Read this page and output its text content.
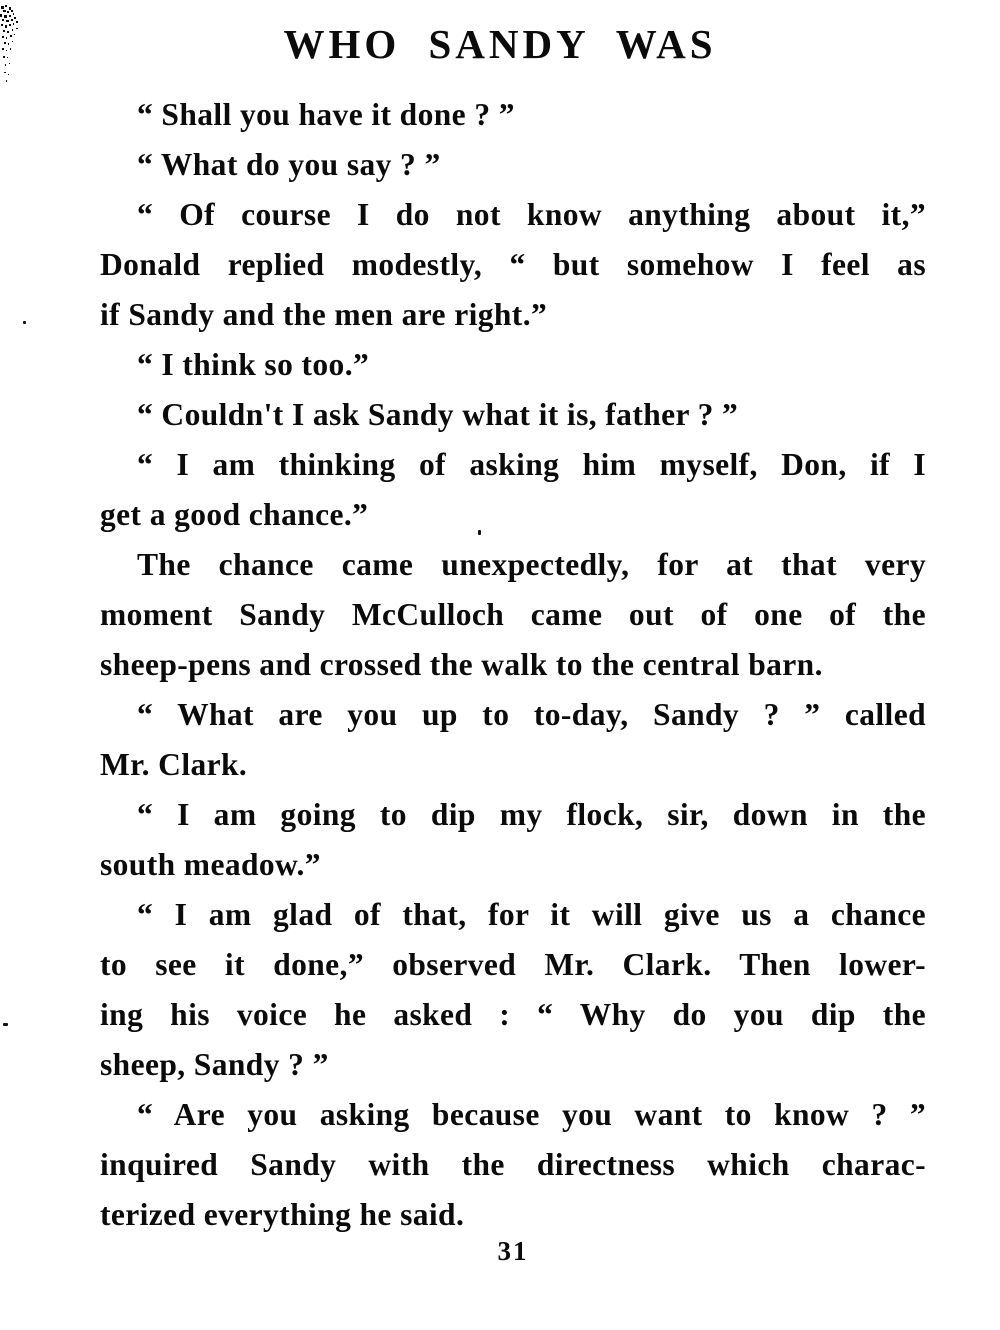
WHO SANDY WAS
“ Shall you have it done ? ”
“ What do you say ? ”
“ Of course I do not know anything about it,”
Donald replied modestly, “ but somehow I feel as
if Sandy and the men are right.”
“ I think so too.”
“ Couldn't I ask Sandy what it is, father ? ”
“ I am thinking of asking him myself, Don, if I
get a good chance.”
The chance came unexpectedly, for at that very
moment Sandy McCulloch came out of one of the
sheep-pens and crossed the walk to the central barn.
“ What are you up to to-day, Sandy ? ” called
Mr. Clark.
“ I am going to dip my flock, sir, down in the
south meadow.”
“ I am glad of that, for it will give us a chance
to see it done,” observed Mr. Clark. Then lower-
ing his voice he asked : “ Why do you dip the
sheep, Sandy ? ”
“ Are you asking because you want to know ? ”
inquired Sandy with the directness which charac-
terized everything he said.
31
